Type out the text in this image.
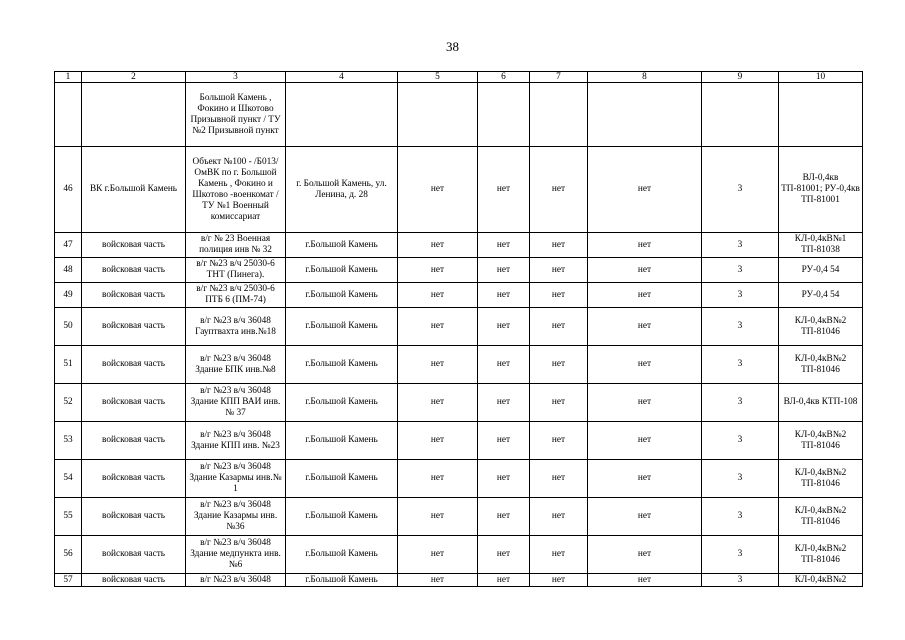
38
1	2	3	4	5	6	7	8	9	10

		Большой Камень , Фокино и Шкотово Призывной пункт / ТУ №2 Призывной пункт							

46	ВК г.Большой Камень	Объект №100 - /Б013/ ОмВК по г. Большой Камень , Фокино и Шкотово -военкомат / ТУ №1 Военный комиссариат	г. Большой Камень, ул. Ленина, д. 28	нет	нет	нет	нет	3	ВЛ-0,4кв ТП-81001; РУ-0,4кв ТП-81001

47	войсковая часть	в/г № 23 Военная полиция инв № 32	г.Большой Камень	нет	нет	нет	нет	3	КЛ-0,4кВ№1 ТП-81038

48	войсковая часть	в/г №23 в/ч 25030-6 ТНТ (Пинега).	г.Большой Камень	нет	нет	нет	нет	3	РУ-0,4 54

49	войсковая часть	в/г №23 в/ч 25030-6 ПТБ 6 (ПМ-74)	г.Большой Камень	нет	нет	нет	нет	3	РУ-0,4 54

50	войсковая часть	в/г №23 в/ч 36048 Гауптвахта инв.№18	г.Большой Камень	нет	нет	нет	нет	3	КЛ-0,4кВ№2 ТП-81046

51	войсковая часть	в/г №23 в/ч 36048 Здание БПК инв.№8	г.Большой Камень	нет	нет	нет	нет	3	КЛ-0,4кВ№2 ТП-81046

52	войсковая часть	в/г №23 в/ч 36048 Здание КПП ВАИ инв. № 37	г.Большой Камень	нет	нет	нет	нет	3	ВЛ-0,4кв КТП-108

53	войсковая часть	в/г №23 в/ч 36048 Здание КПП инв. №23	г.Большой Камень	нет	нет	нет	нет	3	КЛ-0,4кВ№2 ТП-81046

54	войсковая часть	в/г №23 в/ч 36048 Здание Казармы инв.№ 1	г.Большой Камень	нет	нет	нет	нет	3	КЛ-0,4кВ№2 ТП-81046

55	войсковая часть	в/г №23 в/ч 36048 Здание Казармы инв.№36	г.Большой Камень	нет	нет	нет	нет	3	КЛ-0,4кВ№2 ТП-81046

56	войсковая часть	в/г №23 в/ч 36048 Здание медпункта инв.№6	г.Большой Камень	нет	нет	нет	нет	3	КЛ-0,4кВ№2 ТП-81046

57	войсковая часть	в/г №23 в/ч 36048	г.Большой Камень	нет	нет	нет	нет	3	КЛ-0,4кВ№2
